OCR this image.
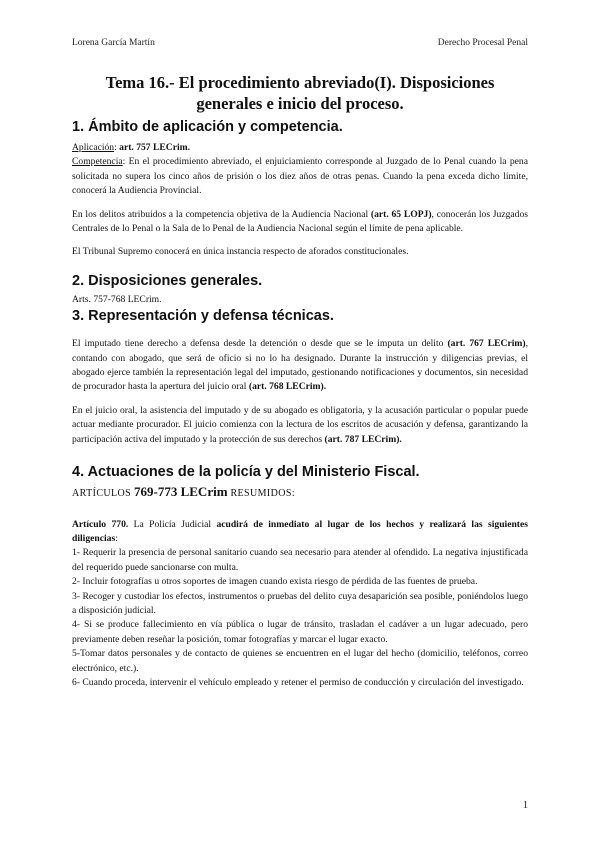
Lorena García Martín	Derecho Procesal Penal
Tema 16.- El procedimiento abreviado(I). Disposiciones generales e inicio del proceso.
1. Ámbito de aplicación y competencia.

Aplicación: art. 757 LECrim.

Competencia: En el procedimiento abreviado, el enjuiciamiento corresponde al Juzgado de lo Penal cuando la pena solicitada no supera los cinco años de prisión o los diez años de otras penas. Cuando la pena exceda dicho límite, conocerá la Audiencia Provincial.

En los delitos atribuidos a la competencia objetiva de la Audiencia Nacional (art. 65 LOPJ), conocerán los Juzgados Centrales de lo Penal o la Sala de lo Penal de la Audiencia Nacional según el límite de pena aplicable.

El Tribunal Supremo conocerá en única instancia respecto de aforados constitucionales.

2. Disposiciones generales.

Arts. 757-768 LECrim.

3. Representación y defensa técnicas.

El imputado tiene derecho a defensa desde la detención o desde que se le imputa un delito (art. 767 LECrim), contando con abogado, que será de oficio si no lo ha designado. Durante la instrucción y diligencias previas, el abogado ejerce también la representación legal del imputado, gestionando notificaciones y documentos, sin necesidad de procurador hasta la apertura del juicio oral (art. 768 LECrim).

En el juicio oral, la asistencia del imputado y de su abogado es obligatoria, y la acusación particular o popular puede actuar mediante procurador. El juicio comienza con la lectura de los escritos de acusación y defensa, garantizando la participación activa del imputado y la protección de sus derechos (art. 787 LECrim).

4. Actuaciones de la policía y del Ministerio Fiscal.

ARTÍCULOS 769-773 LECrim RESUMIDOS:

Artículo 770. La Policía Judicial acudirá de inmediato al lugar de los hechos y realizará las siguientes diligencias:

1- Requerir la presencia de personal sanitario cuando sea necesario para atender al ofendido. La negativa injustificada del requerido puede sancionarse con multa.

2- Incluir fotografías u otros soportes de imagen cuando exista riesgo de pérdida de las fuentes de prueba.

3- Recoger y custodiar los efectos, instrumentos o pruebas del delito cuya desaparición sea posible, poniéndolos luego a disposición judicial.

4- Si se produce fallecimiento en vía pública o lugar de tránsito, trasladan el cadáver a un lugar adecuado, pero previamente deben reseñar la posición, tomar fotografías y marcar el lugar exacto.

5-Tomar datos personales y de contacto de quienes se encuentren en el lugar del hecho (domicilio, teléfonos, correo electrónico, etc.).

6- Cuando proceda, intervenir el vehículo empleado y retener el permiso de conducción y circulación del investigado.

1
